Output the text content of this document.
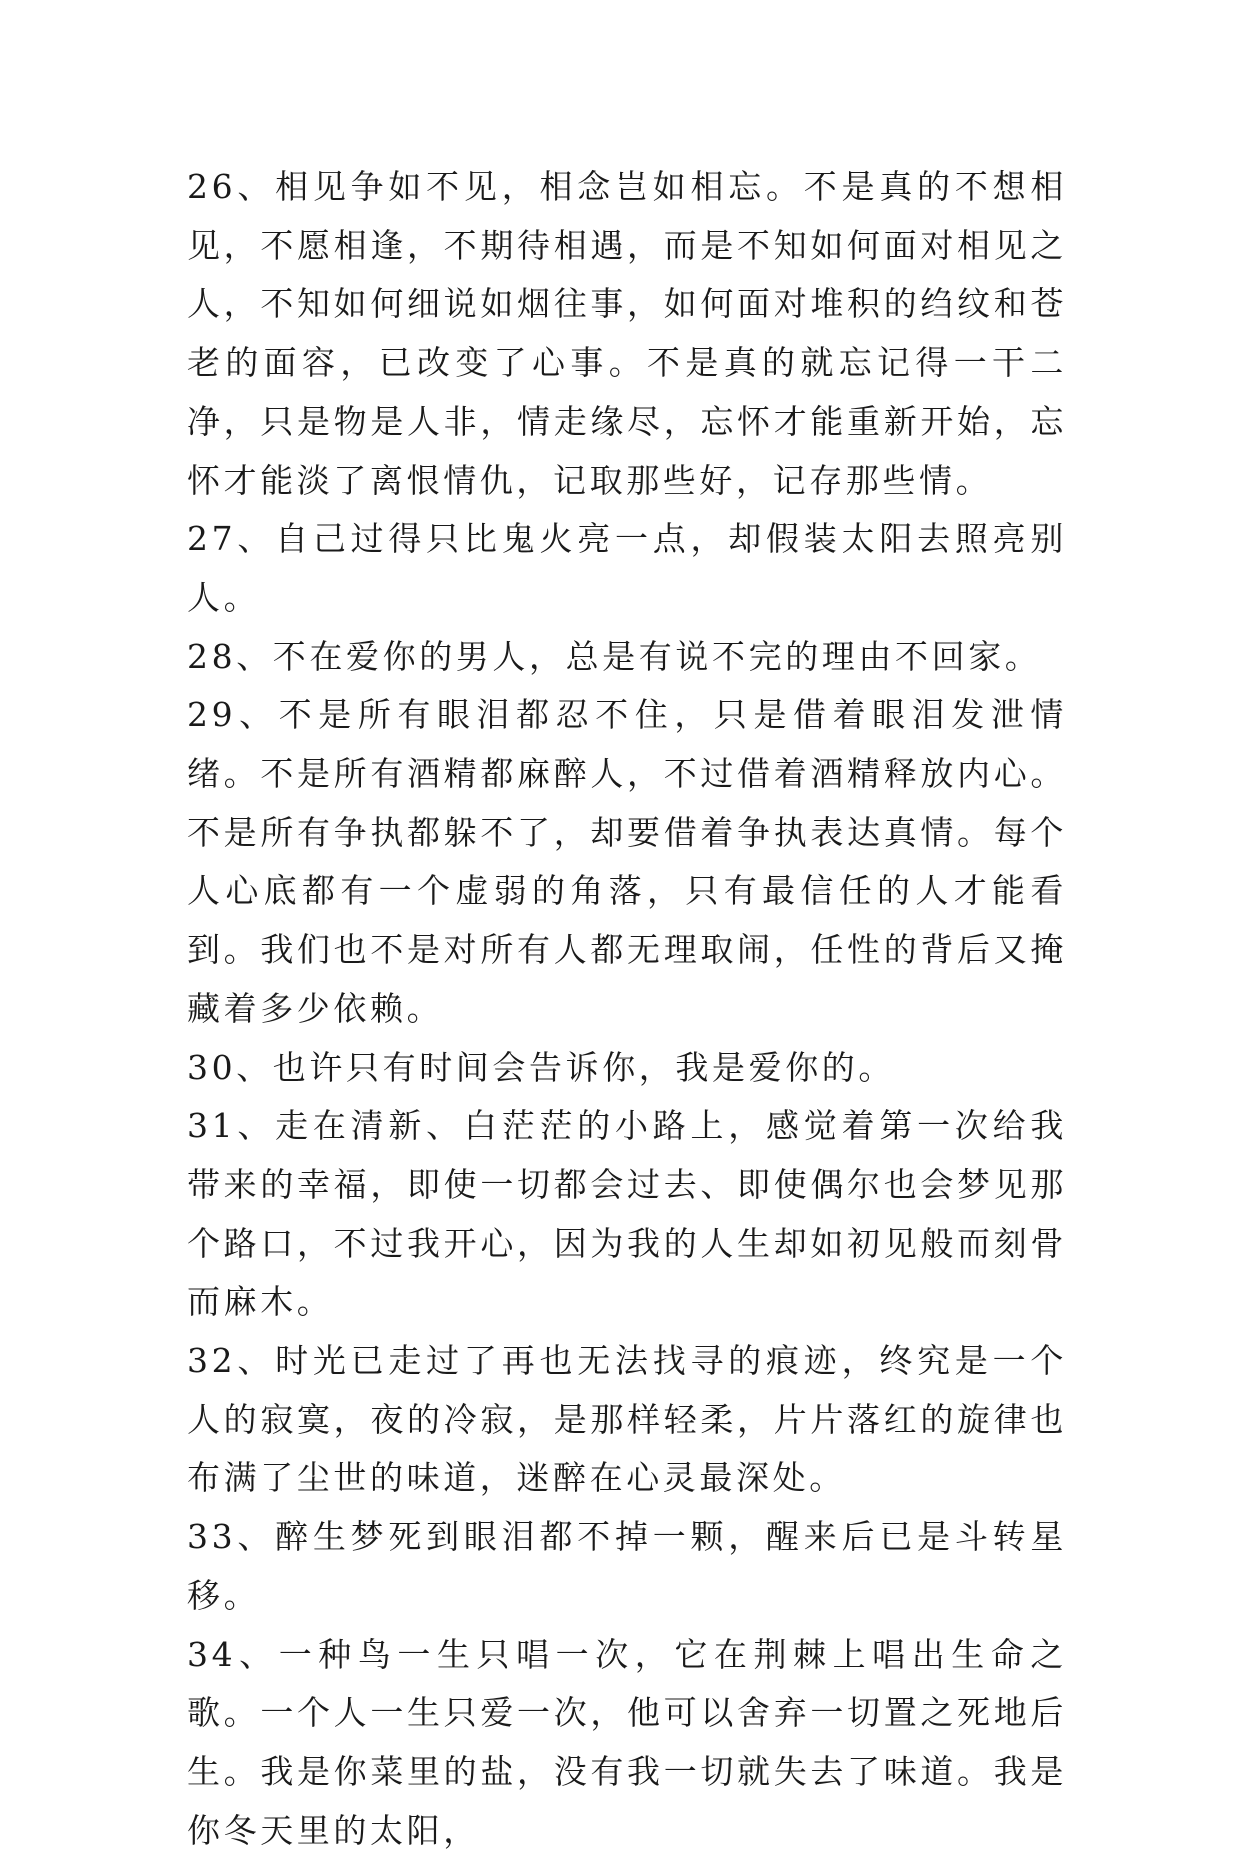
26、相见争如不见，相念岂如相忘。不是真的不想相见，不愿相逢，不期待相遇，而是不知如何面对相见之人，不知如何细说如烟往事，如何面对堆积的绉纹和苍老的面容，已改变了心事。不是真的就忘记得一干二净，只是物是人非，情走缘尽，忘怀才能重新开始，忘怀才能淡了离恨情仇，记取那些好，记存那些情。

27、自己过得只比鬼火亮一点，却假装太阳去照亮别人。

28、不在爱你的男人，总是有说不完的理由不回家。

29、不是所有眼泪都忍不住，只是借着眼泪发泄情绪。不是所有酒精都麻醉人，不过借着酒精释放内心。不是所有争执都躲不了，却要借着争执表达真情。每个人心底都有一个虚弱的角落，只有最信任的人才能看到。我们也不是对所有人都无理取闹，任性的背后又掩藏着多少依赖。

30、也许只有时间会告诉你，我是爱你的。

31、走在清新、白茫茫的小路上，感觉着第一次给我带来的幸福，即使一切都会过去、即使偶尔也会梦见那个路口，不过我开心，因为我的人生却如初见般而刻骨而麻木。

32、时光已走过了再也无法找寻的痕迹，终究是一个人的寂寞，夜的冷寂，是那样轻柔，片片落红的旋律也布满了尘世的味道，迷醉在心灵最深处。

33、醉生梦死到眼泪都不掉一颗，醒来后已是斗转星移。

34、一种鸟一生只唱一次，它在荆棘上唱出生命之歌。一个人一生只爱一次，他可以舍弃一切置之死地后生。我是你菜里的盐，没有我一切就失去了味道。我是你冬天里的太阳，
